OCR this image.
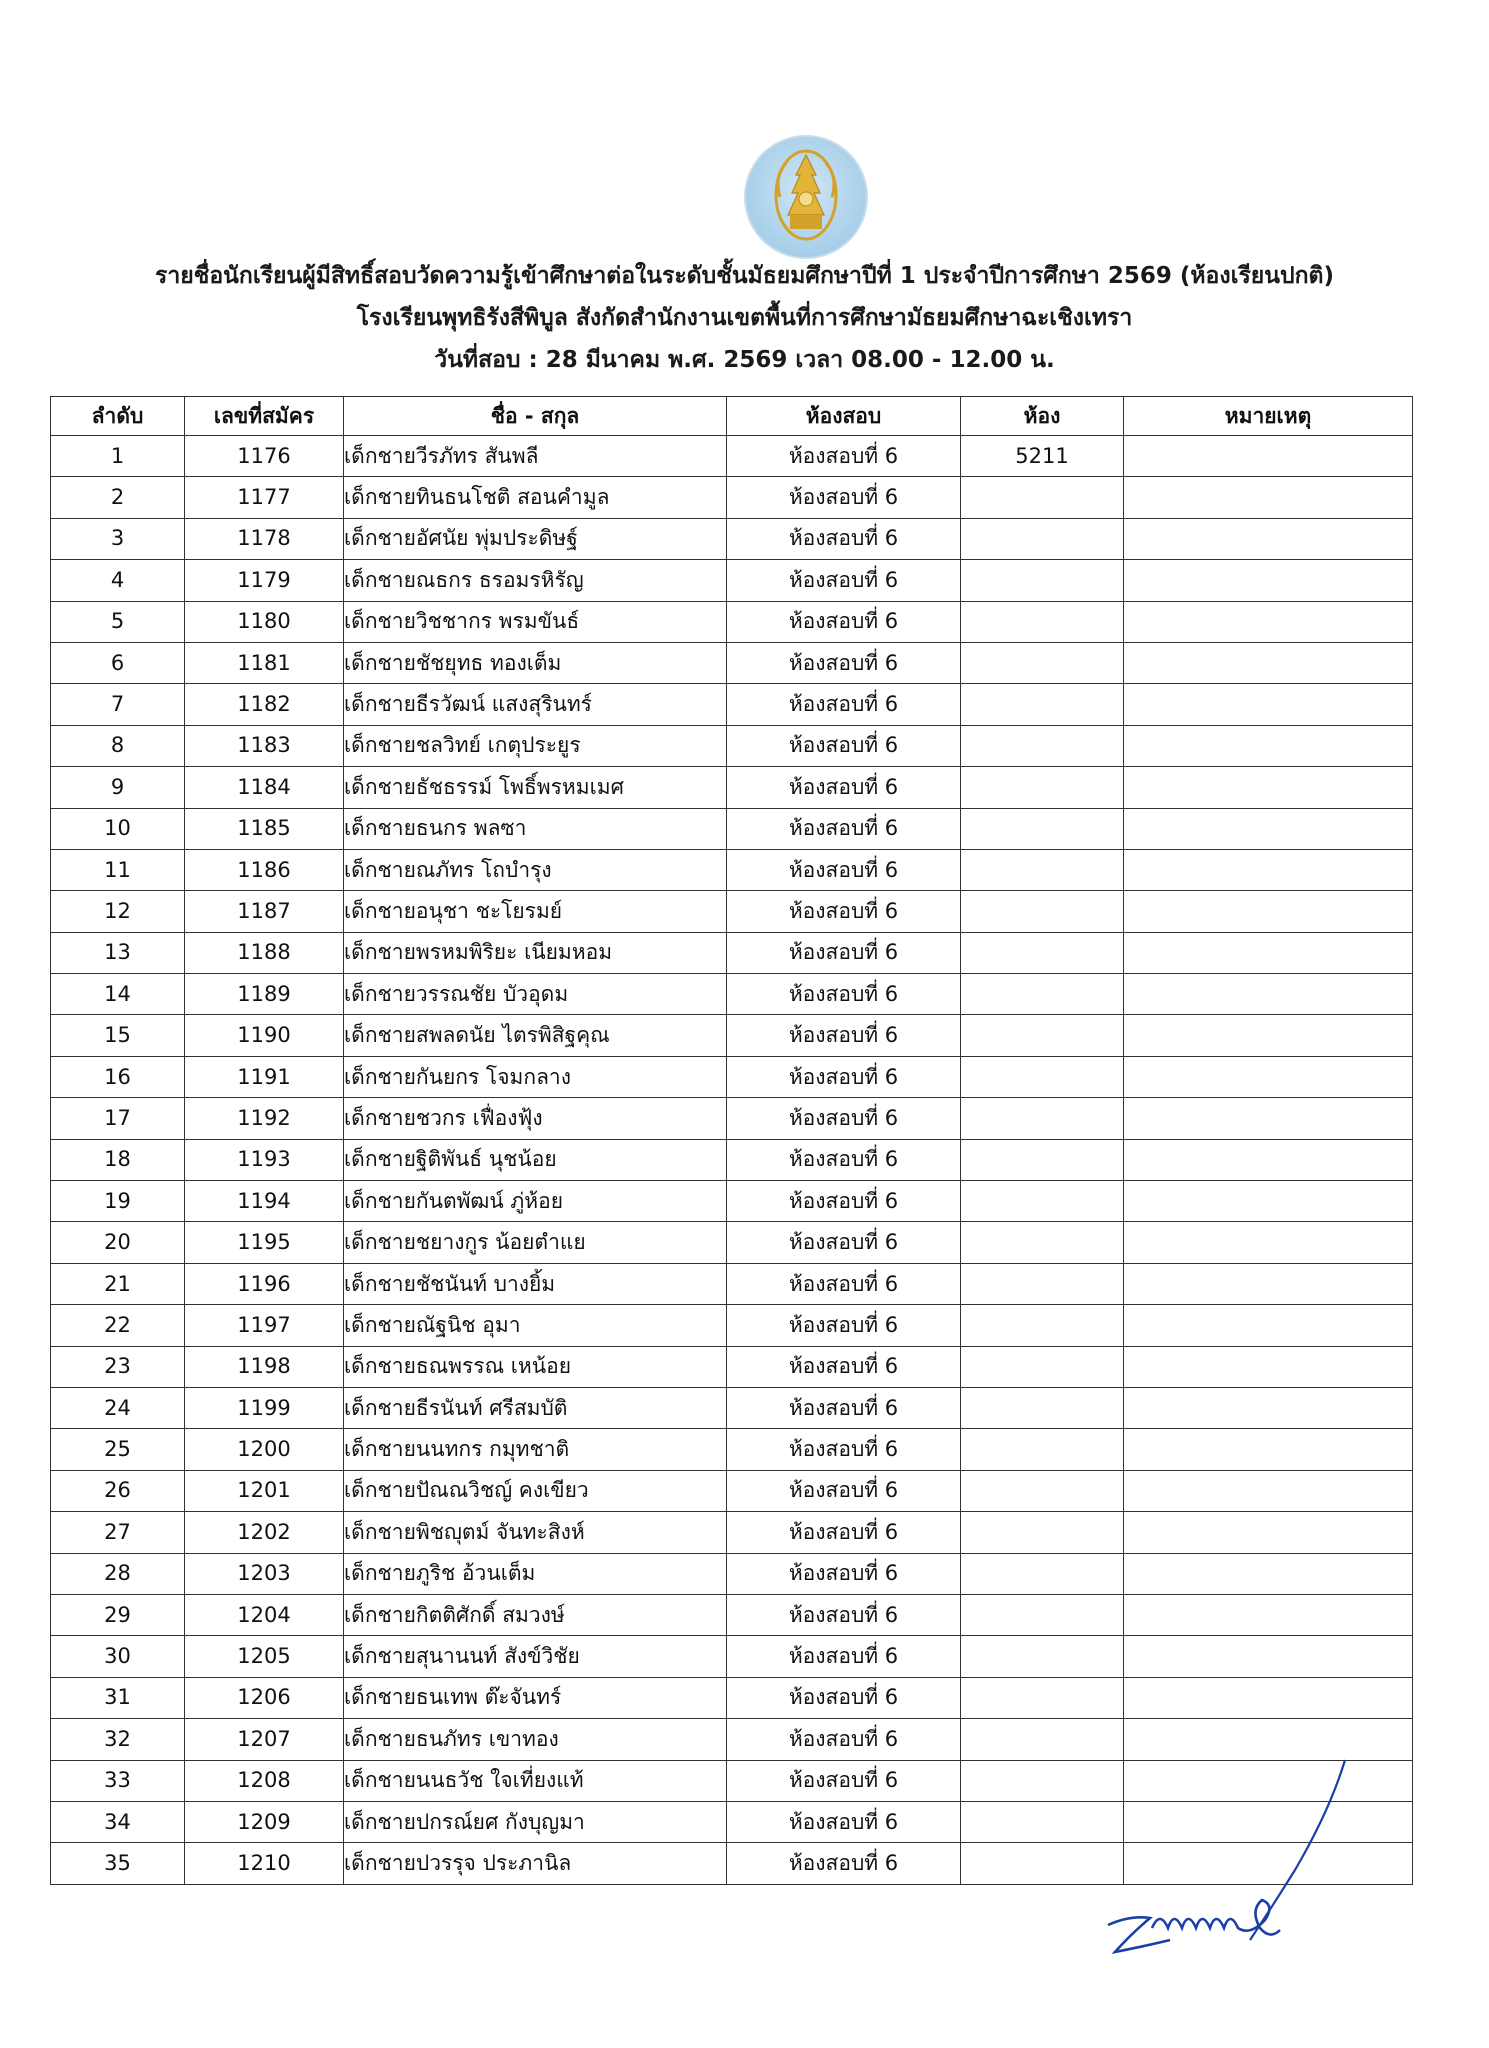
รายชื่อนักเรียนผู้มีสิทธิ์สอบวัดความรู้เข้าศึกษาต่อในระดับชั้นมัธยมศึกษาปีที่ 1 ประจำปีการศึกษา 2569 (ห้องเรียนปกติ)
โรงเรียนพุทธิรังสีพิบูล สังกัดสำนักงานเขตพื้นที่การศึกษามัธยมศึกษาฉะเชิงเทรา
วันที่สอบ : 28 มีนาคม พ.ศ. 2569 เวลา 08.00 - 12.00 น.
ลำดับ	เลขที่สมัคร	ชื่อ - สกุล	ห้องสอบ	ห้อง	หมายเหตุ
1	1176	เด็กชายวีรภัทร สันพลี	ห้องสอบที่ 6	5211	
2	1177	เด็กชายทินธนโชติ สอนคำมูล	ห้องสอบที่ 6		
3	1178	เด็กชายอัศนัย พุ่มประดิษฐ์	ห้องสอบที่ 6		
4	1179	เด็กชายณธกร ธรอมรหิรัญ	ห้องสอบที่ 6		
5	1180	เด็กชายวิชชากร พรมขันธ์	ห้องสอบที่ 6		
6	1181	เด็กชายชัชยุทธ ทองเต็ม	ห้องสอบที่ 6		
7	1182	เด็กชายธีรวัฒน์ แสงสุรินทร์	ห้องสอบที่ 6		
8	1183	เด็กชายชลวิทย์ เกตุประยูร	ห้องสอบที่ 6		
9	1184	เด็กชายธัชธรรม์ โพธิ์พรหมเมศ	ห้องสอบที่ 6		
10	1185	เด็กชายธนกร พลซา	ห้องสอบที่ 6		
11	1186	เด็กชายณภัทร โถบำรุง	ห้องสอบที่ 6		
12	1187	เด็กชายอนุชา ชะโยรมย์	ห้องสอบที่ 6		
13	1188	เด็กชายพรหมพิริยะ เนียมหอม	ห้องสอบที่ 6		
14	1189	เด็กชายวรรณชัย บัวอุดม	ห้องสอบที่ 6		
15	1190	เด็กชายสพลดนัย ไตรพิสิฐคุณ	ห้องสอบที่ 6		
16	1191	เด็กชายกันยกร โจมกลาง	ห้องสอบที่ 6		
17	1192	เด็กชายชวกร เฟื่องฟุ้ง	ห้องสอบที่ 6		
18	1193	เด็กชายฐิติพันธ์ นุชน้อย	ห้องสอบที่ 6		
19	1194	เด็กชายกันตพัฒน์ ภู่ห้อย	ห้องสอบที่ 6		
20	1195	เด็กชายชยางกูร น้อยตำแย	ห้องสอบที่ 6		
21	1196	เด็กชายชัชนันท์ บางยิ้ม	ห้องสอบที่ 6		
22	1197	เด็กชายณัฐนิช อุมา	ห้องสอบที่ 6		
23	1198	เด็กชายธณพรรณ เหน้อย	ห้องสอบที่ 6		
24	1199	เด็กชายธีรนันท์ ศรีสมบัติ	ห้องสอบที่ 6		
25	1200	เด็กชายนนทกร กมุทชาติ	ห้องสอบที่ 6		
26	1201	เด็กชายปัณณวิชญ์ คงเขียว	ห้องสอบที่ 6		
27	1202	เด็กชายพิชญุตม์ จันทะสิงห์	ห้องสอบที่ 6		
28	1203	เด็กชายภูริช อ้วนเต็ม	ห้องสอบที่ 6		
29	1204	เด็กชายกิตติศักดิ์ สมวงษ์	ห้องสอบที่ 6		
30	1205	เด็กชายสุนานนท์ สังข์วิชัย	ห้องสอบที่ 6		
31	1206	เด็กชายธนเทพ ต๊ะจันทร์	ห้องสอบที่ 6		
32	1207	เด็กชายธนภัทร เขาทอง	ห้องสอบที่ 6		
33	1208	เด็กชายนนธวัช ใจเที่ยงแท้	ห้องสอบที่ 6		
34	1209	เด็กชายปกรณ์ยศ กังบุญมา	ห้องสอบที่ 6		
35	1210	เด็กชายปวรรุจ ประภานิล	ห้องสอบที่ 6		
